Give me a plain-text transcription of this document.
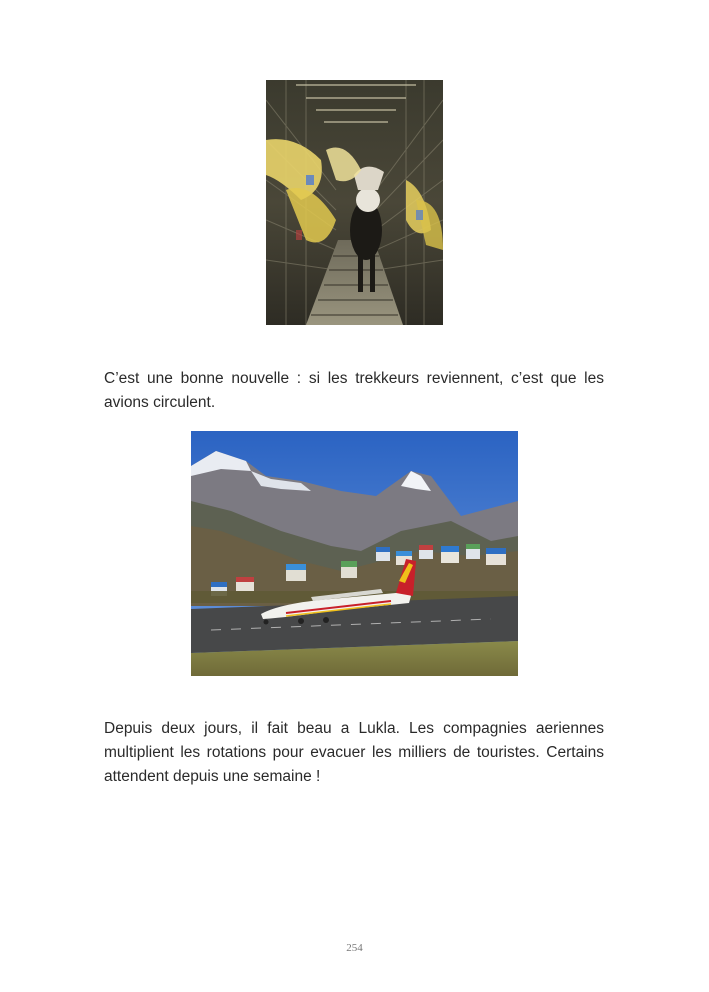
C’est une bonne nouvelle : si les trekkeurs reviennent, c’est que les avions circulent.

Depuis deux jours, il fait beau a Lukla. Les compagnies aeriennes multiplient les rotations pour evacuer les milliers de touristes. Certains attendent depuis une semaine !

254
